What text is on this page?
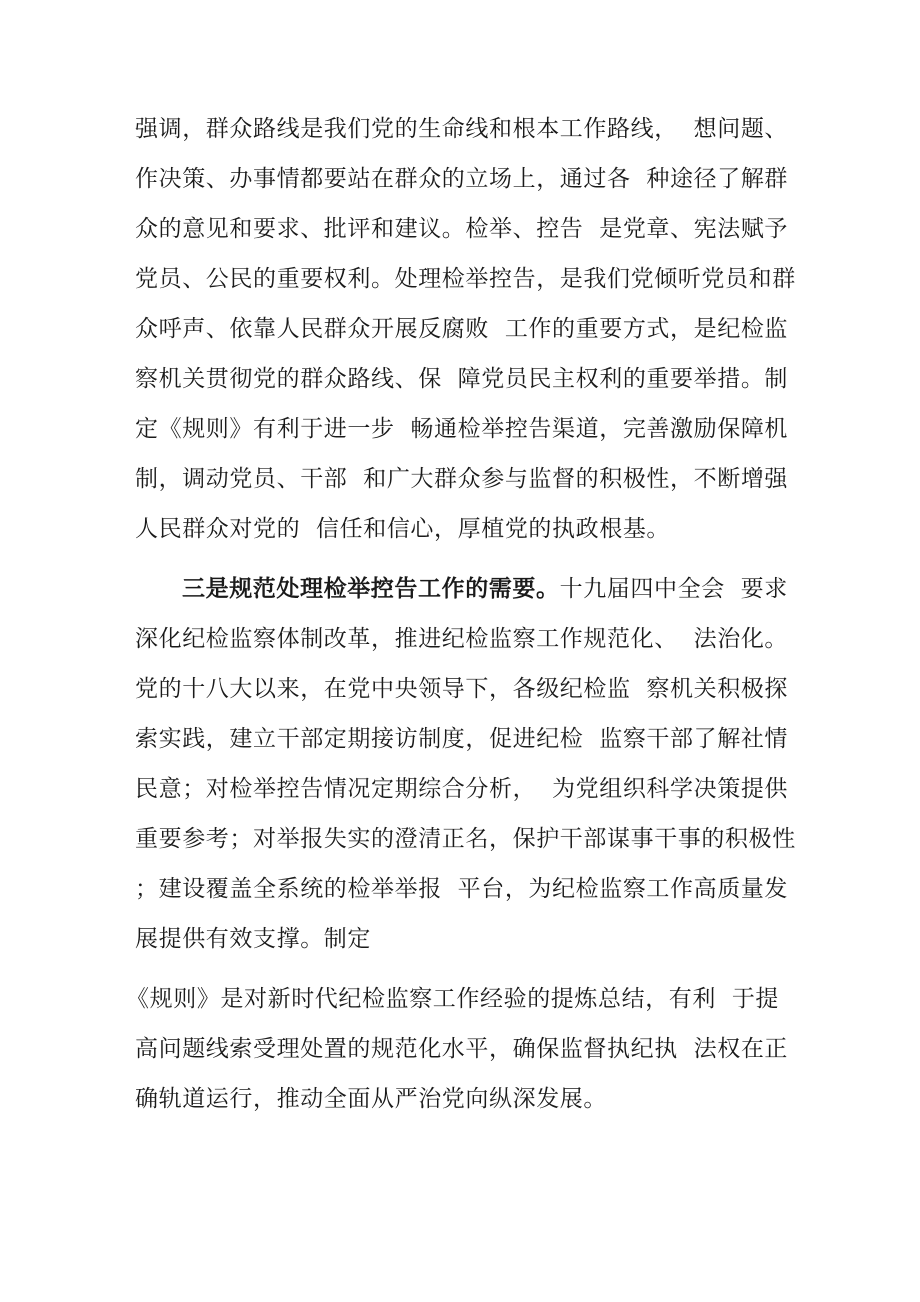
强调，群众路线是我们党的生命线和根本工作路线，  想问题、
作决策、办事情都要站在群众的立场上，通过各  种途径了解群
众的意见和要求、批评和建议。检举、控告  是党章、宪法赋予
党员、公民的重要权利。处理检举控告，是我们党倾听党员和群
众呼声、依靠人民群众开展反腐败  工作的重要方式，是纪检监
察机关贯彻党的群众路线、保  障党员民主权利的重要举措。制
定《规则》有利于进一步  畅通检举控告渠道，完善激励保障机
制，调动党员、干部  和广大群众参与监督的积极性，不断增强
人民群众对党的  信任和信心，厚植党的执政根基。
三是规范处理检举控告工作的需要。十九届四中全会  要求
深化纪检监察体制改革，推进纪检监察工作规范化、  法治化。
党的十八大以来，在党中央领导下，各级纪检监  察机关积极探
索实践，建立干部定期接访制度，促进纪检  监察干部了解社情
民意；对检举控告情况定期综合分析，  为党组织科学决策提供
重要参考；对举报失实的澄清正名，保护干部谋事干事的积极性
；建设覆盖全系统的检举举报  平台，为纪检监察工作高质量发
展提供有效支撑。制定
《规则》是对新时代纪检监察工作经验的提炼总结，有利  于提
高问题线索受理处置的规范化水平，确保监督执纪执  法权在正
确轨道运行，推动全面从严治党向纵深发展。
